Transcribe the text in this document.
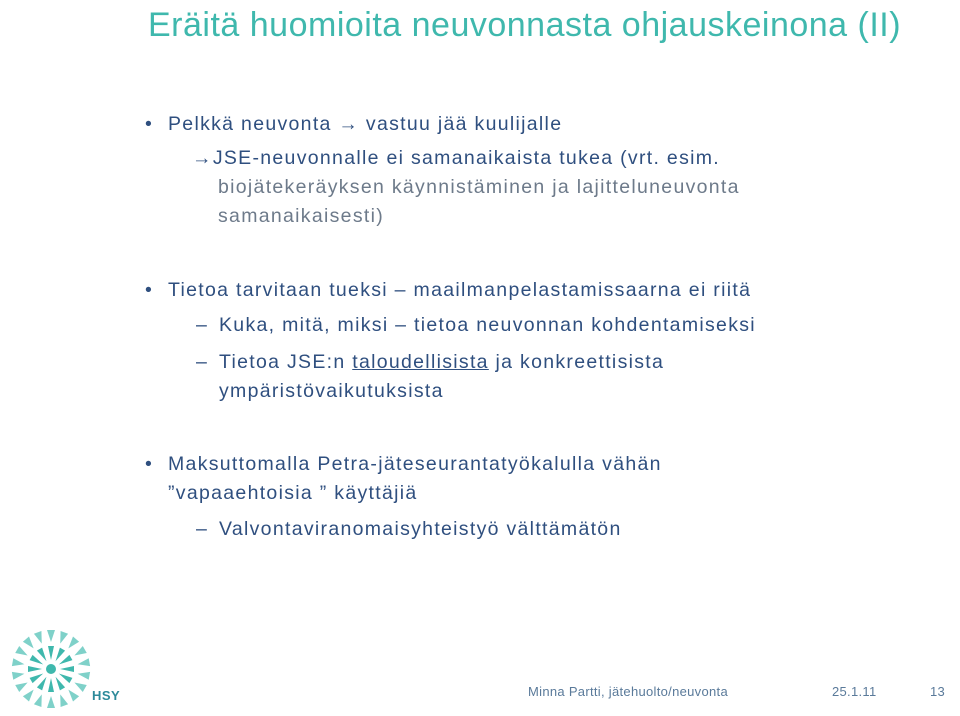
Eräitä huomioita neuvonnasta ohjauskeinona (II)
• Pelkkä neuvonta → vastuu jää kuulijalle
→JSE-neuvonnalle ei samanaikaista tukea (vrt. esim.
biojätekeräyksen käynnistäminen ja lajitteluneuvonta
samanaikaisesti)
• Tietoa tarvitaan tueksi – maailmanpelastamissaarna ei riitä
– Kuka, mitä, miksi – tietoa neuvonnan kohdentamiseksi
– Tietoa JSE:n taloudellisista ja konkreettisista
ympäristövaikutuksista
• Maksuttomalla Petra-jäteseurantatyökalulla vähän
”vapaaehtoisia ” käyttäjiä
– Valvontaviranomaisyhteistyö välttämätön
HSY	Minna Partti, jätehuolto/neuvonta	25.1.11	13
